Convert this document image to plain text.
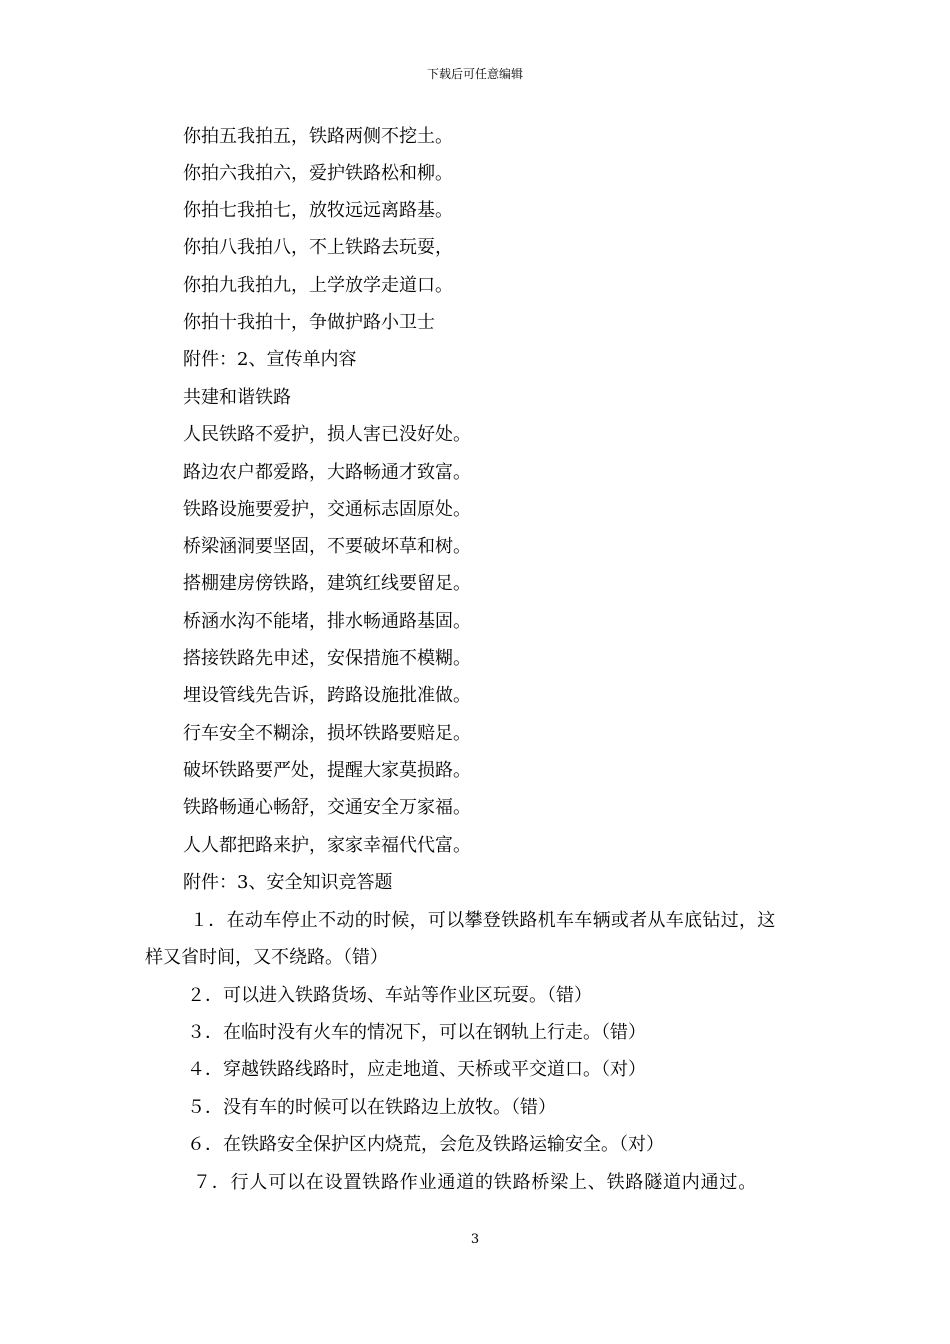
下载后可任意编辑
你拍五我拍五，铁路两侧不挖土。
你拍六我拍六，爱护铁路松和柳。
你拍七我拍七，放牧远远离路基。
你拍八我拍八，不上铁路去玩耍，
你拍九我拍九，上学放学走道口。
你拍十我拍十，争做护路小卫士
附件：2、宣传单内容
共建和谐铁路
人民铁路不爱护，损人害已没好处。
路边农户都爱路，大路畅通才致富。
铁路设施要爱护，交通标志固原处。
桥梁涵洞要坚固，不要破坏草和树。
搭棚建房傍铁路，建筑红线要留足。
桥涵水沟不能堵，排水畅通路基固。
搭接铁路先申述，安保措施不模糊。
埋设管线先告诉，跨路设施批准做。
行车安全不糊涂，损坏铁路要赔足。
破坏铁路要严处，提醒大家莫损路。
铁路畅通心畅舒，交通安全万家福。
人人都把路来护，家家幸福代代富。
附件：3、安全知识竞答题
１．在动车停止不动的时候，可以攀登铁路机车车辆或者从车底钻过，这
样又省时间，又不绕路。（错）
２．可以进入铁路货场、车站等作业区玩耍。（错）
３．在临时没有火车的情况下，可以在钢轨上行走。（错）
４．穿越铁路线路时，应走地道、天桥或平交道口。（对）
５．没有车的时候可以在铁路边上放牧。（错）
６．在铁路安全保护区内烧荒，会危及铁路运输安全。（对）
７．行人可以在设置铁路作业通道的铁路桥梁上、铁路隧道内通过。
3
